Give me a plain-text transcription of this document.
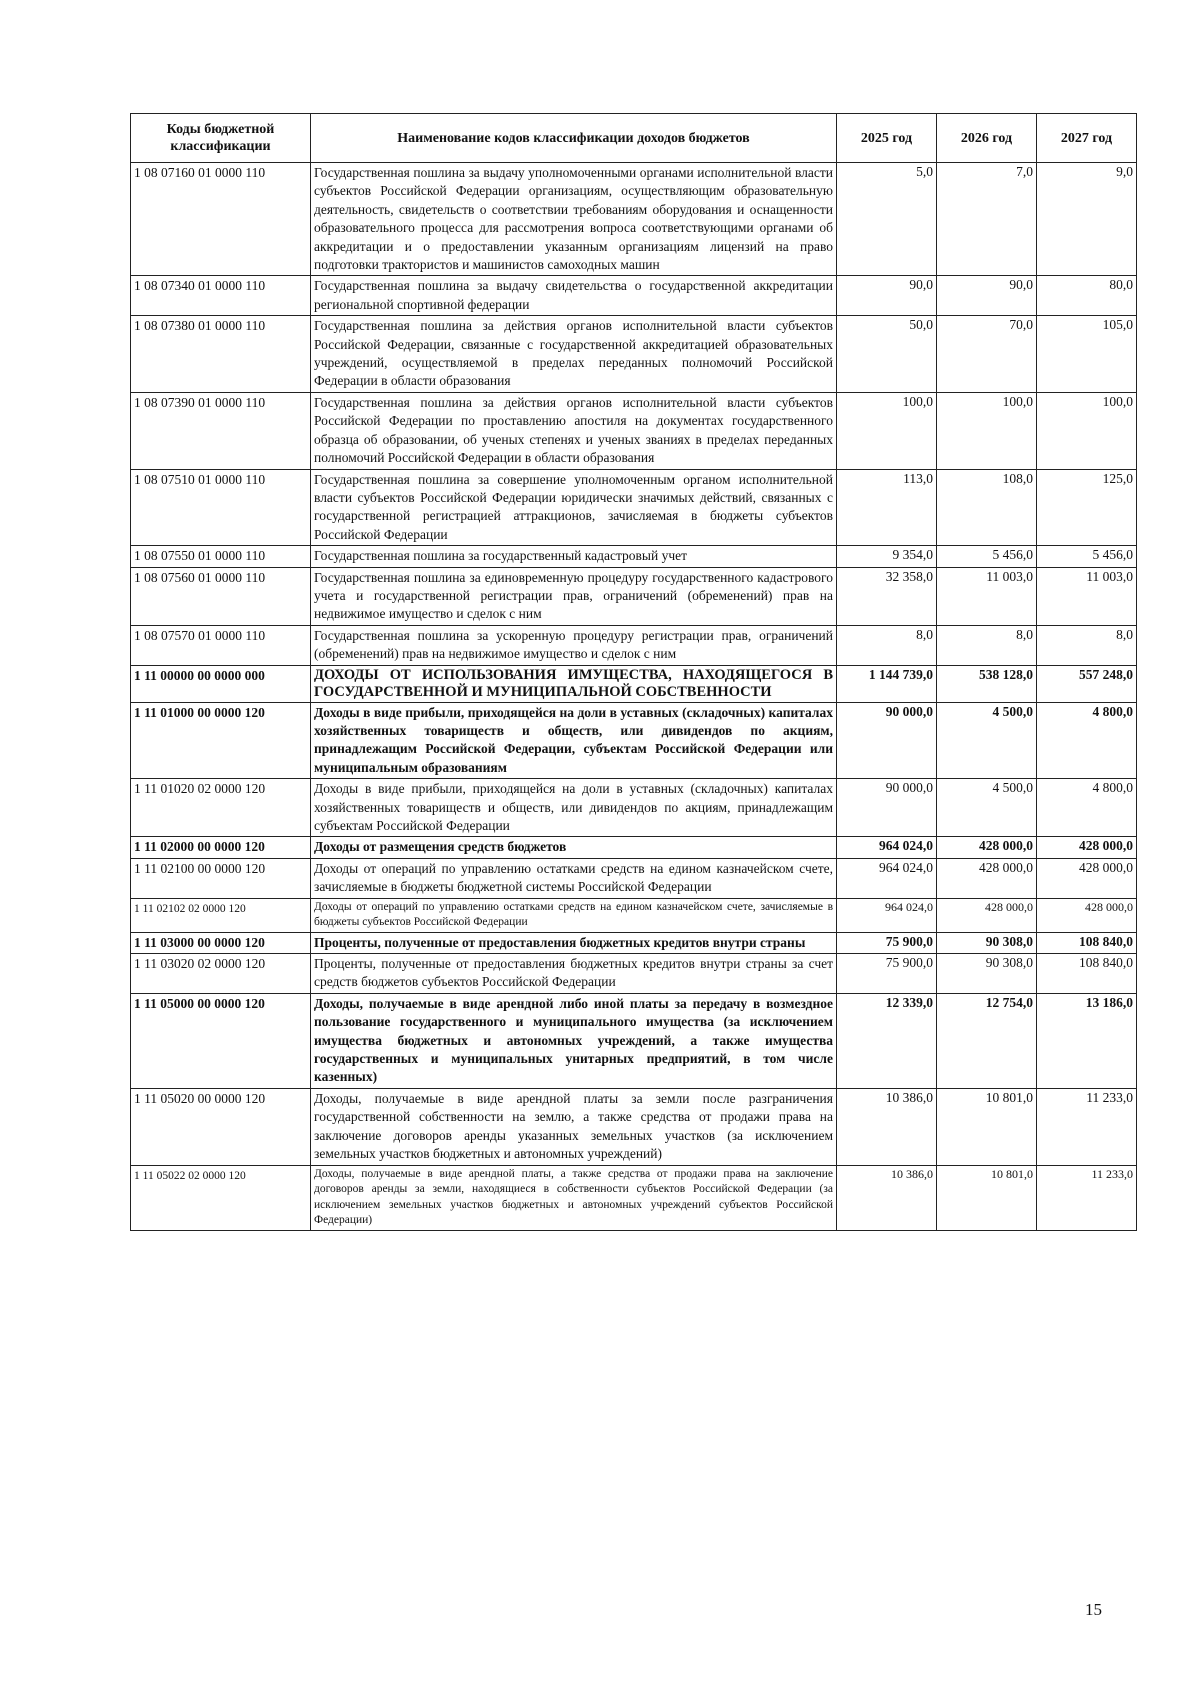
Коды бюджетной классификации	Наименование кодов классификации доходов бюджетов	2025 год	2026 год	2027 год
1 08 07160 01 0000 110	Государственная пошлина за выдачу уполномоченными органами исполнительной власти субъектов Российской Федерации организациям, осуществляющим образовательную деятельность, свидетельств о соответствии требованиям оборудования и оснащенности образовательного процесса для рассмотрения вопроса соответствующими органами об аккредитации и о предоставлении указанным организациям лицензий на право подготовки трактористов и машинистов самоходных машин	5,0	7,0	9,0
1 08 07340 01 0000 110	Государственная пошлина за выдачу свидетельства о государственной аккредитации региональной спортивной федерации	90,0	90,0	80,0
1 08 07380 01 0000 110	Государственная пошлина за действия органов исполнительной власти субъектов Российской Федерации, связанные с государственной аккредитацией образовательных учреждений, осуществляемой в пределах переданных полномочий Российской Федерации в области образования	50,0	70,0	105,0
1 08 07390 01 0000 110	Государственная пошлина за действия органов исполнительной власти субъектов Российской Федерации по проставлению апостиля на документах государственного образца об образовании, об ученых степенях и ученых званиях в пределах переданных полномочий Российской Федерации в области образования	100,0	100,0	100,0
1 08 07510 01 0000 110	Государственная пошлина за совершение уполномоченным органом исполнительной власти субъектов Российской Федерации юридически значимых действий, связанных с государственной регистрацией аттракционов, зачисляемая в бюджеты субъектов Российской Федерации	113,0	108,0	125,0
1 08 07550 01 0000 110	Государственная пошлина за государственный кадастровый учет	9 354,0	5 456,0	5 456,0
1 08 07560 01 0000 110	Государственная пошлина за единовременную процедуру государственного кадастрового учета и государственной регистрации прав, ограничений (обременений) прав на недвижимое имущество и сделок с ним	32 358,0	11 003,0	11 003,0
1 08 07570 01 0000 110	Государственная пошлина за ускоренную процедуру регистрации прав, ограничений (обременений) прав на недвижимое имущество и сделок с ним	8,0	8,0	8,0
1 11 00000 00 0000 000	ДОХОДЫ ОТ ИСПОЛЬЗОВАНИЯ ИМУЩЕСТВА, НАХОДЯЩЕГОСЯ В ГОСУДАРСТВЕННОЙ И МУНИЦИПАЛЬНОЙ СОБСТВЕННОСТИ	1 144 739,0	538 128,0	557 248,0
1 11 01000 00 0000 120	Доходы в виде прибыли, приходящейся на доли в уставных (складочных) капиталах хозяйственных товариществ и обществ, или дивидендов по акциям, принадлежащим Российской Федерации, субъектам Российской Федерации или муниципальным образованиям	90 000,0	4 500,0	4 800,0
1 11 01020 02 0000 120	Доходы в виде прибыли, приходящейся на доли в уставных (складочных) капиталах хозяйственных товариществ и обществ, или дивидендов по акциям, принадлежащим субъектам Российской Федерации	90 000,0	4 500,0	4 800,0
1 11 02000 00 0000 120	Доходы от размещения средств бюджетов	964 024,0	428 000,0	428 000,0
1 11 02100 00 0000 120	Доходы от операций по управлению остатками средств на едином казначейском счете, зачисляемые в бюджеты бюджетной системы Российской Федерации	964 024,0	428 000,0	428 000,0
1 11 02102 02 0000 120	Доходы от операций по управлению остатками средств на едином казначейском счете, зачисляемые в бюджеты субъектов Российской Федерации	964 024,0	428 000,0	428 000,0
1 11 03000 00 0000 120	Проценты, полученные от предоставления бюджетных кредитов внутри страны	75 900,0	90 308,0	108 840,0
1 11 03020 02 0000 120	Проценты, полученные от предоставления бюджетных кредитов внутри страны за счет средств бюджетов субъектов Российской Федерации	75 900,0	90 308,0	108 840,0
1 11 05000 00 0000 120	Доходы, получаемые в виде арендной либо иной платы за передачу в возмездное пользование государственного и муниципального имущества (за исключением имущества бюджетных и автономных учреждений, а также имущества государственных и муниципальных унитарных предприятий, в том числе казенных)	12 339,0	12 754,0	13 186,0
1 11 05020 00 0000 120	Доходы, получаемые в виде арендной платы за земли после разграничения государственной собственности на землю, а также средства от продажи права на заключение договоров аренды указанных земельных участков (за исключением земельных участков бюджетных и автономных учреждений)	10 386,0	10 801,0	11 233,0
1 11 05022 02 0000 120	Доходы, получаемые в виде арендной платы, а также средства от продажи права на заключение договоров аренды за земли, находящиеся в собственности субъектов Российской Федерации (за исключением земельных участков бюджетных и автономных учреждений субъектов Российской Федерации)	10 386,0	10 801,0	11 233,0
15
